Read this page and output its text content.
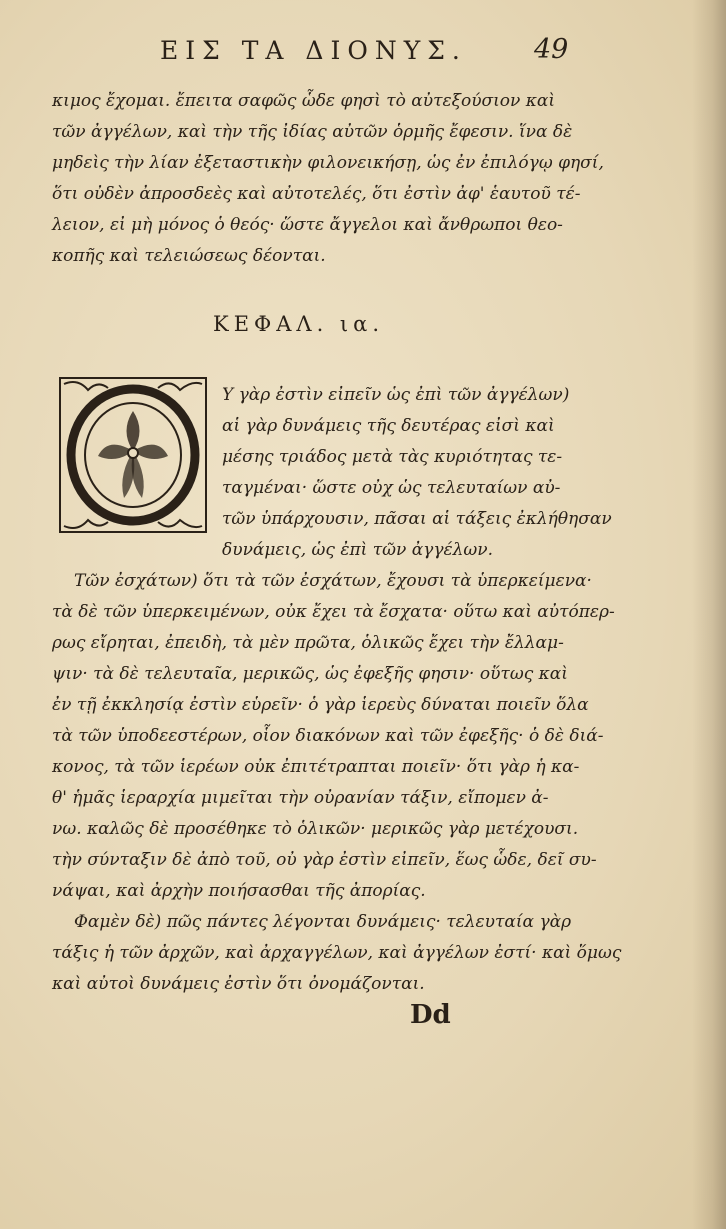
ΕΙΣ ΤΑ ΔΙΟΝΥΣ. 49
κιμος ἔχομαι. ἔπειτα σαφῶς ὧδε φησὶ τὸ αὐτεξούσιον καὶ
τῶν ἀγγέλων, καὶ τὴν τῆς ἰδίας αὐτῶν ὁρμῆς ἔφεσιν. ἵνα δὲ
μηδεὶς τὴν λίαν ἐξεταστικὴν φιλονεικήσῃ, ὡς ἐν ἐπιλόγῳ φησί,
ὅτι οὐδὲν ἀπροσδεὲς καὶ αὐτοτελές, ὅτι ἐστὶν ἀφ' ἑαυτοῦ τέ-
λειον, εἰ μὴ μόνος ὁ θεός· ὥστε ἄγγελοι καὶ ἄνθρωποι θεο-
κοπῆς καὶ τελειώσεως δέονται.
ΚΕΦΑΛ. ια.
Υ γὰρ ἐστὶν εἰπεῖν ὡς ἐπὶ τῶν ἀγγέλων)
αἱ γὰρ δυνάμεις τῆς δευτέρας εἰσὶ καὶ
μέσης τριάδος μετὰ τὰς κυριότητας τε-
ταγμέναι· ὥστε οὐχ ὡς τελευταίων αὐ-
τῶν ὑπάρχουσιν, πᾶσαι αἱ τάξεις ἐκλήθησαν
δυνάμεις, ὡς ἐπὶ τῶν ἀγγέλων.
Τῶν ἐσχάτων) ὅτι τὰ τῶν ἐσχάτων, ἔχουσι τὰ ὑπερκείμενα·
τὰ δὲ τῶν ὑπερκειμένων, οὐκ ἔχει τὰ ἔσχατα· οὕτω καὶ αὐτόπερ-
ρως εἴρηται, ἐπειδὴ, τὰ μὲν πρῶτα, ὁλικῶς ἔχει τὴν ἔλλαμ-
ψιν· τὰ δὲ τελευταῖα, μερικῶς, ὡς ἐφεξῆς φησιν· οὕτως καὶ
ἐν τῇ ἐκκλησίᾳ ἐστὶν εὑρεῖν· ὁ γὰρ ἱερεὺς δύναται ποιεῖν ὅλα
τὰ τῶν ὑποδεεστέρων, οἷον διακόνων καὶ τῶν ἐφεξῆς· ὁ δὲ διά-
κονος, τὰ τῶν ἱερέων οὐκ ἐπιτέτραπται ποιεῖν· ὅτι γὰρ ἡ κα-
θ' ἡμᾶς ἱεραρχία μιμεῖται τὴν οὐρανίαν τάξιν, εἴπομεν ἀ-
νω. καλῶς δὲ προσέθηκε τὸ ὁλικῶν· μερικῶς γὰρ μετέχουσι.
τὴν σύνταξιν δὲ ἀπὸ τοῦ, οὐ γὰρ ἐστὶν εἰπεῖν, ἕως ὧδε, δεῖ συ-
νάψαι, καὶ ἀρχὴν ποιήσασθαι τῆς ἀπορίας.
Φαμὲν δὲ) πῶς πάντες λέγονται δυνάμεις· τελευταία γὰρ
τάξις ἡ τῶν ἀρχῶν, καὶ ἀρχαγγέλων, καὶ ἀγγέλων ἐστί· καὶ ὅμως
καὶ αὐτοὶ δυνάμεις ἐστὶν ὅτι ὀνομάζονται.
Dd
